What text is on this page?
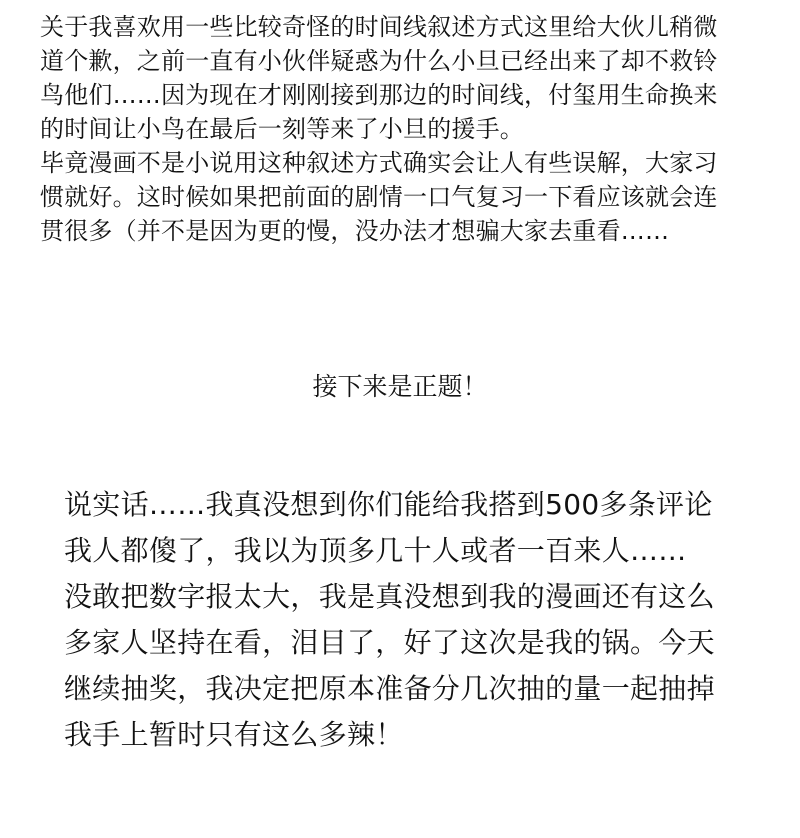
关于我喜欢用一些比较奇怪的时间线叙述方式这里给大伙儿稍微
道个歉，之前一直有小伙伴疑惑为什么小旦已经出来了却不救铃
鸟他们……因为现在才刚刚接到那边的时间线，付玺用生命换来
的时间让小鸟在最后一刻等来了小旦的援手。
毕竟漫画不是小说用这种叙述方式确实会让人有些误解，大家习
惯就好。这时候如果把前面的剧情一口气复习一下看应该就会连
贯很多（并不是因为更的慢，没办法才想骗大家去重看……
接下来是正题！
说实话……我真没想到你们能给我搭到500多条评论
我人都傻了，我以为顶多几十人或者一百来人……
没敢把数字报太大，我是真没想到我的漫画还有这么
多家人坚持在看，泪目了，好了这次是我的锅。今天
继续抽奖，我决定把原本准备分几次抽的量一起抽掉
我手上暂时只有这么多辣！
